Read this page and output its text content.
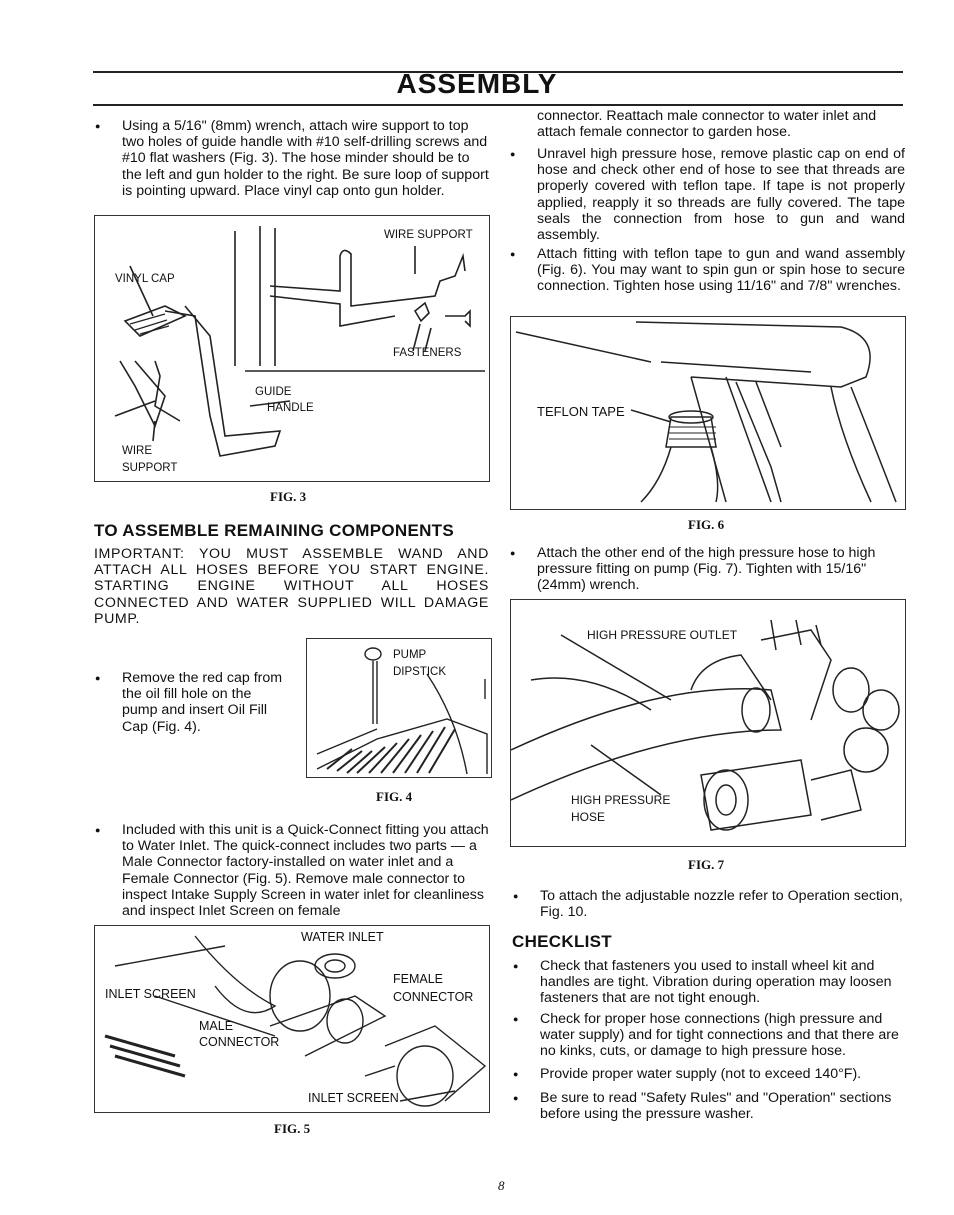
ASSEMBLY
● Using a 5/16" (8mm) wrench, attach wire support to top two holes of guide handle with #10 self-drilling screws and #10 flat washers (Fig. 3). The hose minder should be to the left and gun holder to the right. Be sure loop of support is pointing upward. Place vinyl cap onto gun holder.
WIRE SUPPORT
VINYL CAP
FASTENERS
GUIDE
HANDLE
WIRE
SUPPORT
FIG. 3
TO ASSEMBLE REMAINING COMPONENTS
IMPORTANT: YOU MUST ASSEMBLE WAND AND ATTACH ALL HOSES BEFORE YOU START ENGINE. STARTING ENGINE WITHOUT ALL HOSES CONNECTED AND WATER SUPPLIED WILL DAMAGE PUMP.
● Remove the red cap from the oil fill hole on the pump and insert Oil Fill Cap (Fig. 4).
PUMP
DIPSTICK
FIG. 4
● Included with this unit is a Quick-Connect fitting you attach to Water Inlet. The quick-connect includes two parts — a Male Connector factory-installed on water inlet and a Female Connector (Fig. 5). Remove male connector to inspect Intake Supply Screen in water inlet for cleanliness and inspect Inlet Screen on female
WATER INLET
FEMALE
CONNECTOR
INLET SCREEN
MALE
CONNECTOR
INLET SCREEN
FIG. 5
connector. Reattach male connector to water inlet and attach female connector to garden hose.
● Unravel high pressure hose, remove plastic cap on end of hose and check other end of hose to see that threads are properly covered with teflon tape. If tape is not properly applied, reapply it so threads are fully covered. The tape seals the connection from hose to gun and wand assembly.
● Attach fitting with teflon tape to gun and wand assembly (Fig. 6). You may want to spin gun or spin hose to secure connection. Tighten hose using 11/16" and 7/8" wrenches.
TEFLON TAPE
FIG. 6
● Attach the other end of the high pressure hose to high pressure fitting on pump (Fig. 7). Tighten with 15/16" (24mm) wrench.
HIGH PRESSURE OUTLET
HIGH PRESSURE
HOSE
FIG. 7
● To attach the adjustable nozzle refer to Operation section, Fig. 10.
CHECKLIST
● Check that fasteners you used to install wheel kit and handles are tight. Vibration during operation may loosen fasteners that are not tight enough.
● Check for proper hose connections (high pressure and water supply) and for tight connections and that there are no kinks, cuts, or damage to high pressure hose.
● Provide proper water supply (not to exceed 140°F).
● Be sure to read "Safety Rules" and "Operation" sections before using the pressure washer.
8
